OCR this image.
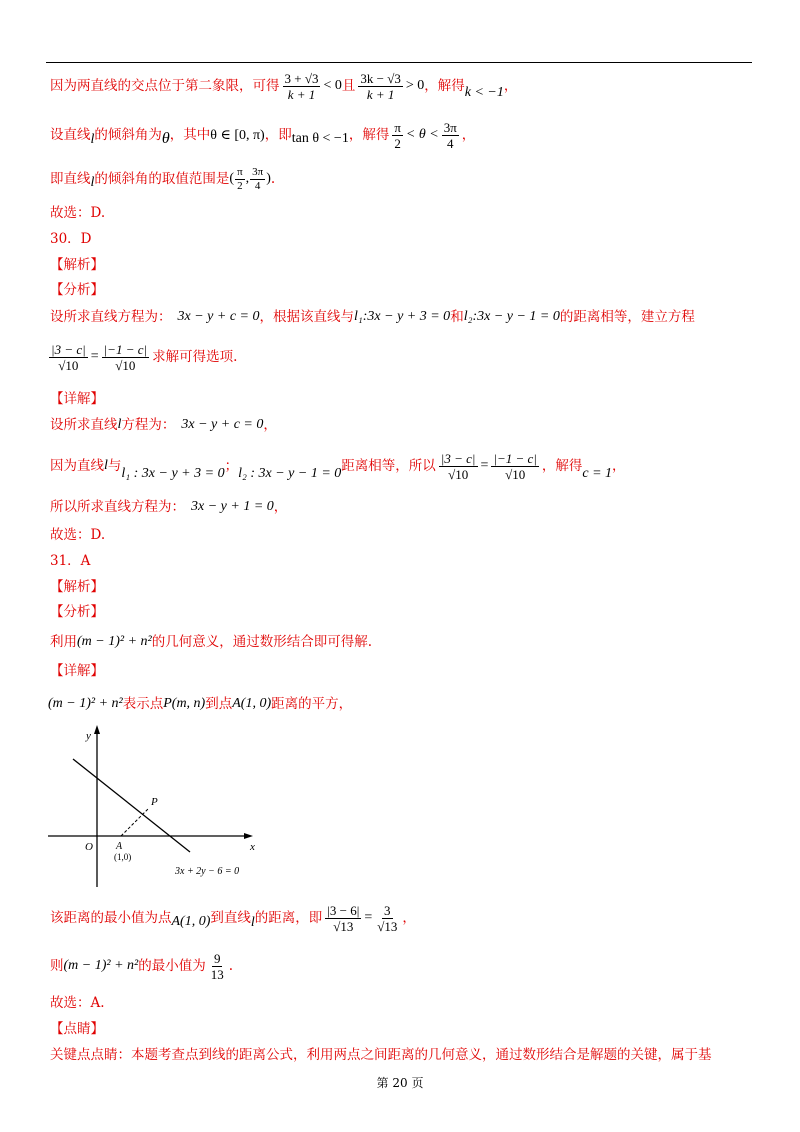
因为两直线的交点位于第二象限，可得 $\frac{3 + √3}{k + 1} < 0$ 且 $\frac{3k - √3}{k + 1} > 0$ ，解得 k < −1 ，
设直线 l 的倾斜角为 θ ，其中 θ ∈ [0, π) ，即 tan θ < −1 ，解得 $\frac{\pi}{2} < \theta < \frac{3\pi}{4}$ ，
即直线 l 的倾斜角的取值范围是 ( $\frac{\pi}{2}$ , $\frac{3\pi}{4}$ ) .
故选：D.
30．D
【解析】
【分析】
设所求直线方程为： 3x − y + c = 0 ，根据该直线与 l₁:3x − y + 3 = 0 和 l₂:3x − y − 1 = 0 的距离相等，建立方程
$\frac{|3 - c|}{√10} = \frac{|-1 - c|}{√10}$ 求解可得选项.
【详解】
设所求直线 l 方程为： 3x − y + c = 0 ，
因为直线 l 与 l₁ : 3x − y + 3 = 0 ； l₂ : 3x − y − 1 = 0 距离相等，所以 $\frac{|3 - c|}{√10} = \frac{|-1 - c|}{√10}$ ，解得 c = 1 ，
所以所求直线方程为： 3x − y + 1 = 0 ，
故选：D.
31．A
【解析】
【分析】
利用 (m − 1)² + n² 的几何意义，通过数形结合即可得解.
【详解】
(m − 1)² + n² 表示点 P(m, n) 到点 A(1, 0) 距离的平方，
y
x
O
P
A
(1,0)
3x + 2y − 6 = 0
该距离的最小值为点 A(1, 0) 到直线 l 的距离，即 $\frac{|3 - 6|}{√13} = \frac{3}{√13}$ ，
则 (m − 1)² + n² 的最小值为 $\frac{9}{13}$ .
故选：A.
【点睛】
关键点点睛：本题考查点到线的距离公式，利用两点之间距离的几何意义，通过数形结合是解题的关键，属于基
第 20 页
